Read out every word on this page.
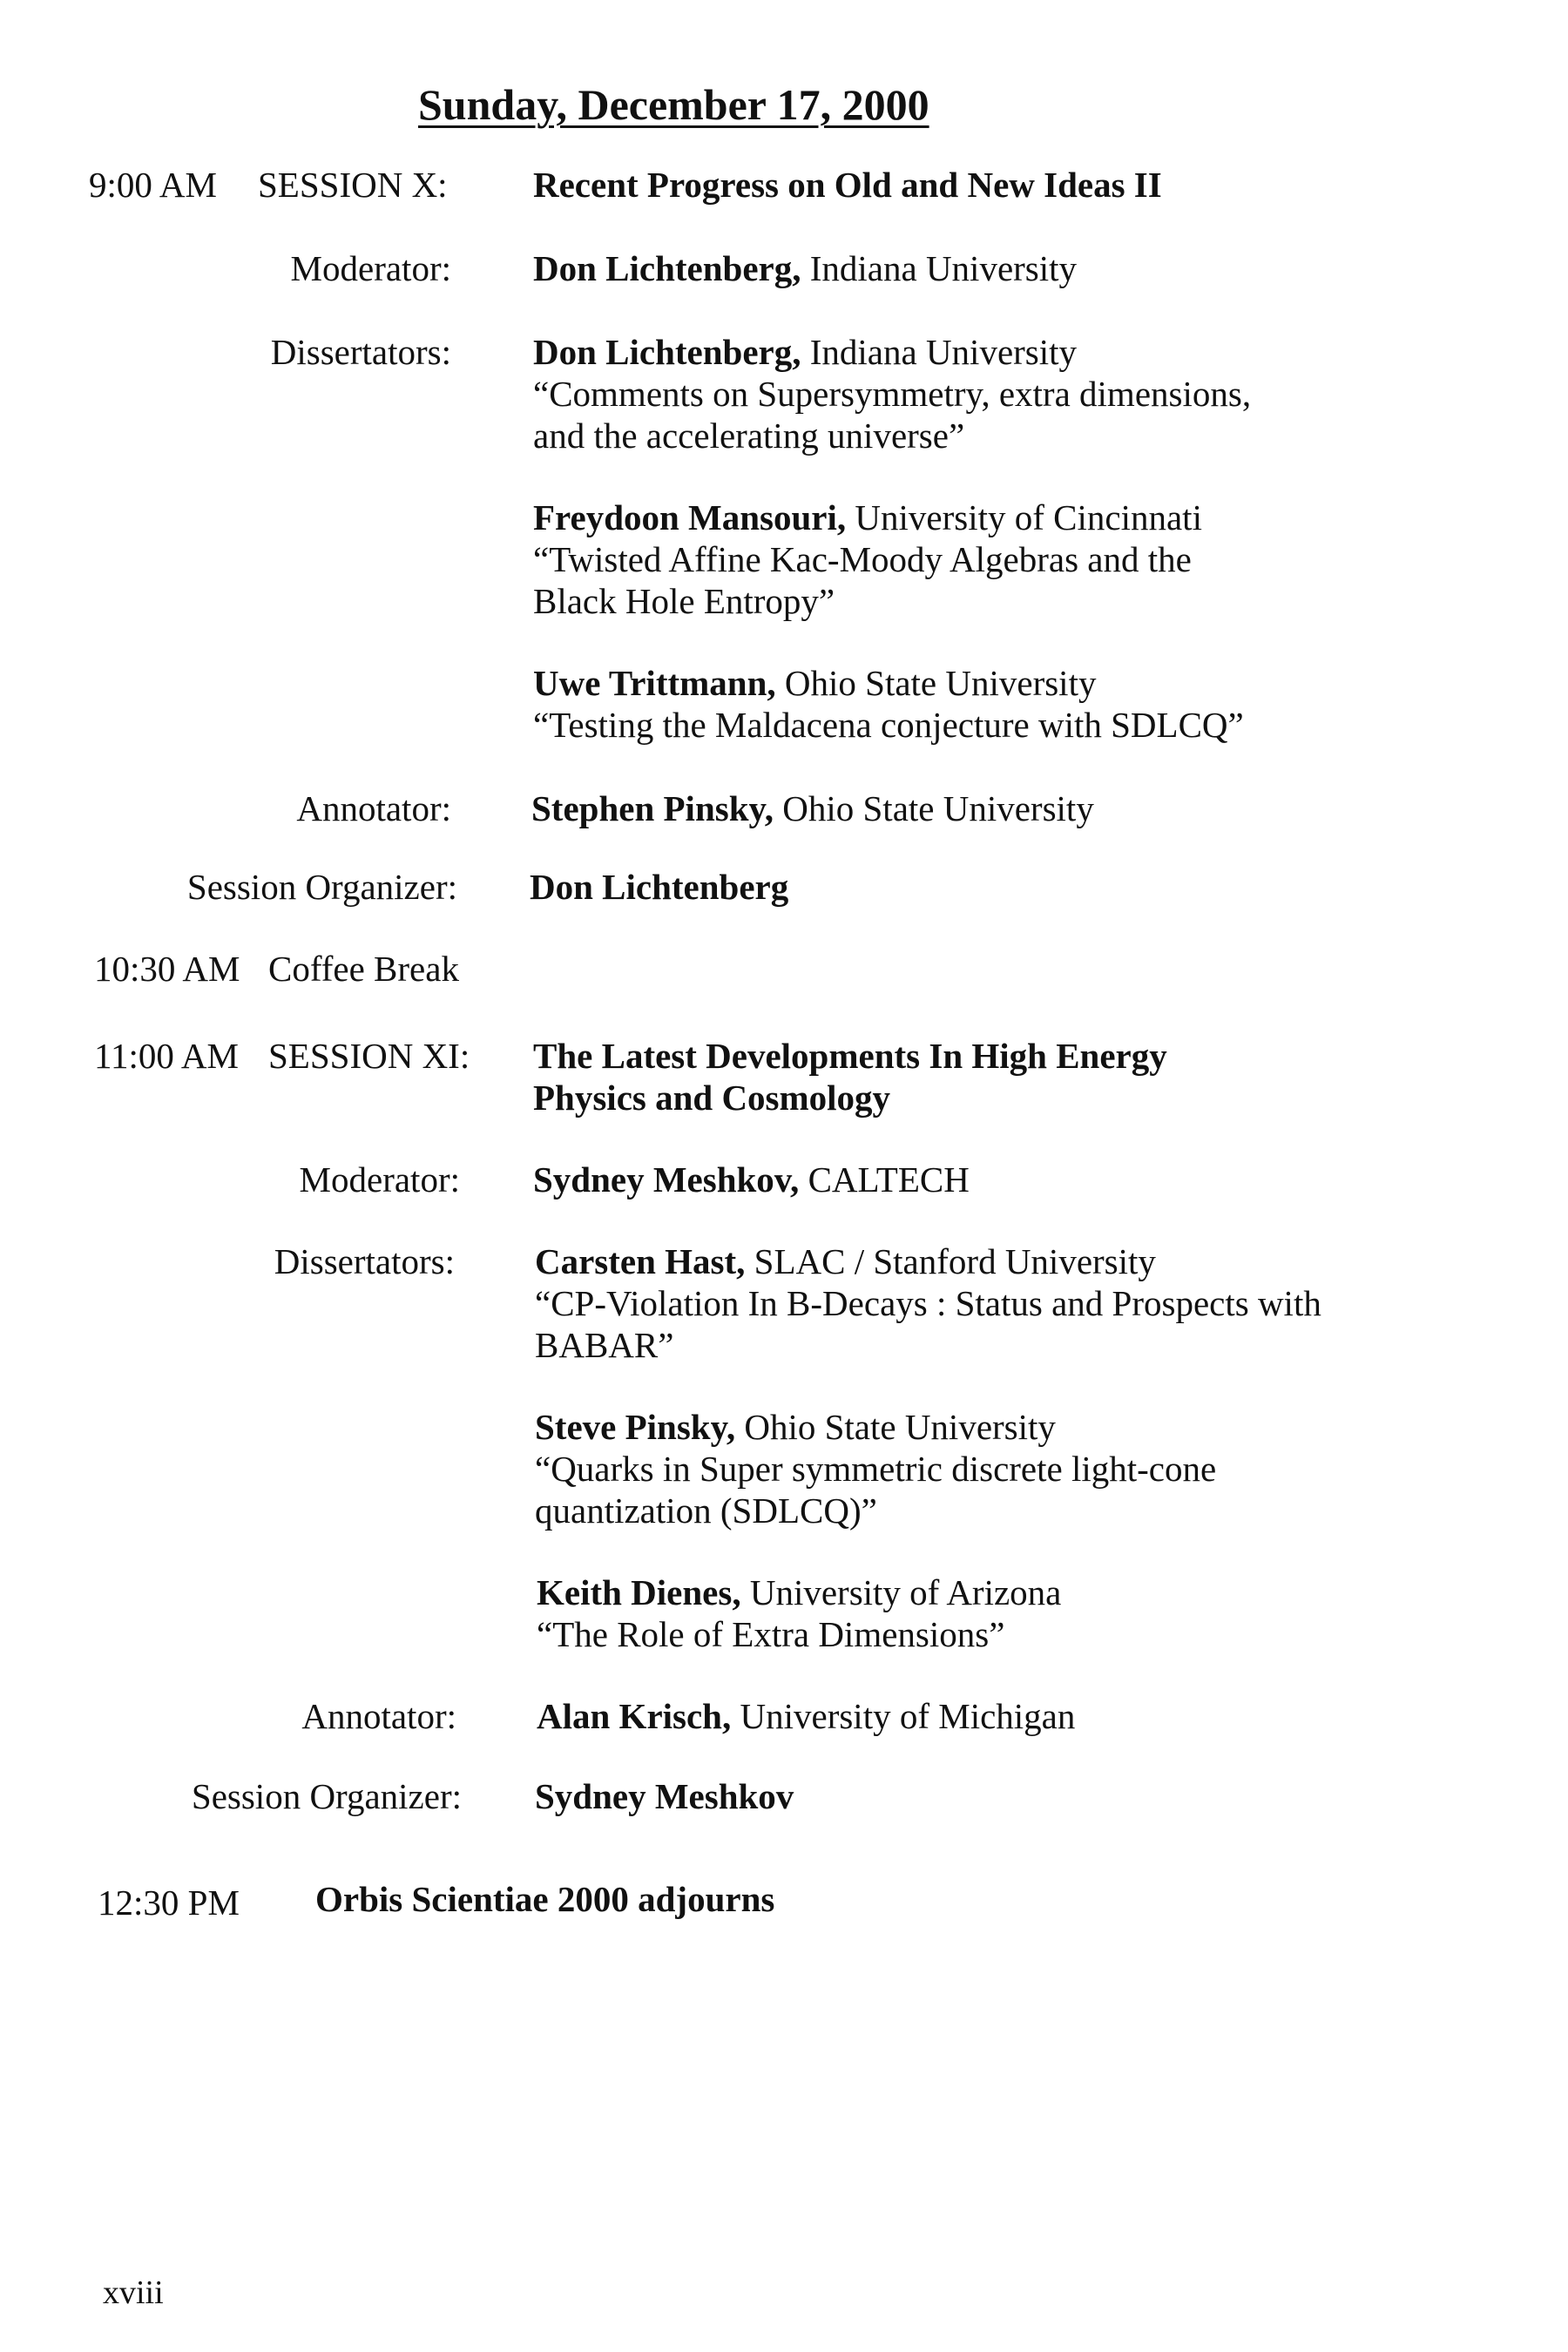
Sunday, December 17, 2000
9:00 AM SESSION X: Recent Progress on Old and New Ideas II
Moderator: Don Lichtenberg, Indiana University
Dissertators: Don Lichtenberg, Indiana University
“Comments on Supersymmetry, extra dimensions,
and the accelerating universe”
Freydoon Mansouri, University of Cincinnati
“Twisted Affine Kac-Moody Algebras and the
Black Hole Entropy”
Uwe Trittmann, Ohio State University
“Testing the Maldacena conjecture with SDLCQ”
Annotator: Stephen Pinsky, Ohio State University
Session Organizer: Don Lichtenberg
10:30 AM Coffee Break
11:00 AM SESSION XI: The Latest Developments In High Energy
Physics and Cosmology
Moderator: Sydney Meshkov, CALTECH
Dissertators: Carsten Hast, SLAC / Stanford University
“CP-Violation In B-Decays : Status and Prospects with
BABAR”
Steve Pinsky, Ohio State University
“Quarks in Super symmetric discrete light-cone
quantization (SDLCQ)”
Keith Dienes, University of Arizona
“The Role of Extra Dimensions”
Annotator: Alan Krisch, University of Michigan
Session Organizer: Sydney Meshkov
12:30 PM Orbis Scientiae 2000 adjourns
xviii
